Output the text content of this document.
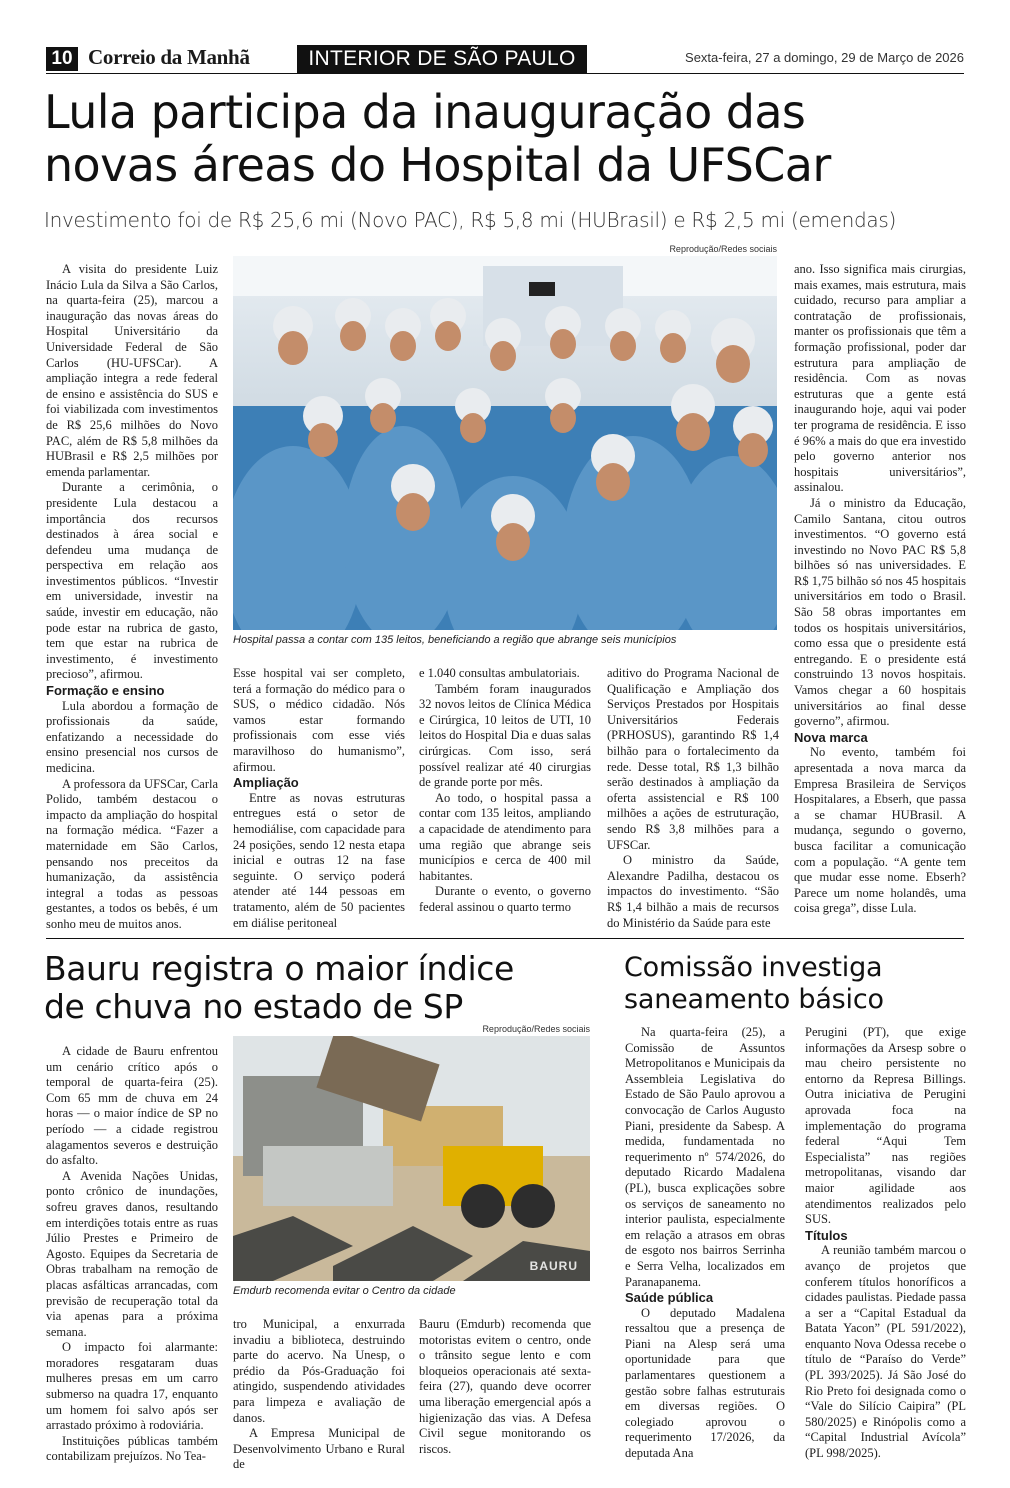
10 Correio da Manhã	INTERIOR DE SÃO PAULO	Sexta-feira, 27 a domingo, 29 de Março de 2026
Lula participa da inauguração das
novas áreas do Hospital da UFSCar
Investimento foi de R$ 25,6 mi (Novo PAC), R$ 5,8 mi (HUBrasil) e R$ 2,5 mi (emendas)

A visita do presidente Luiz Inácio Lula da Silva a São Carlos, na quarta-feira (25), marcou a inauguração das novas áreas do Hospital Universitário da Universidade Federal de São Carlos (HU-UFSCar). A ampliação integra a rede federal de ensino e assistência do SUS e foi viabilizada com investimentos de R$ 25,6 milhões do Novo PAC, além de R$ 5,8 milhões da HUBrasil e R$ 2,5 milhões por emenda parlamentar.

Durante a cerimônia, o presidente Lula destacou a importância dos recursos destinados à área social e defendeu uma mudança de perspectiva em relação aos investimentos públicos. “Investir em universidade, investir na saúde, investir em educação, não pode estar na rubrica de gasto, tem que estar na rubrica de investimento, é investimento precioso”, afirmou.

Formação e ensino

Lula abordou a formação de profissionais da saúde, enfatizando a necessidade do ensino presencial nos cursos de medicina.

A professora da UFSCar, Carla Polido, também destacou o impacto da ampliação do hospital na formação médica. “Fazer a maternidade em São Carlos, pensando nos preceitos da humanização, da assistência integral a todas as pessoas gestantes, a todos os bebês, é um sonho meu de muitos anos.

Reprodução/Redes sociais
Hospital passa a contar com 135 leitos, beneficiando a região que abrange seis municípios

Esse hospital vai ser completo, terá a formação do médico para o SUS, o médico cidadão. Nós vamos estar formando profissionais com esse viés maravilhoso do humanismo”, afirmou.

Ampliação

Entre as novas estruturas entregues está o setor de hemodiálise, com capacidade para 24 posições, sendo 12 nesta etapa inicial e outras 12 na fase seguinte. O serviço poderá atender até 144 pessoas em tratamento, além de 50 pacientes em diálise peritoneal

e 1.040 consultas ambulatoriais.

Também foram inaugurados 32 novos leitos de Clínica Médica e Cirúrgica, 10 leitos de UTI, 10 leitos do Hospital Dia e duas salas cirúrgicas. Com isso, será possível realizar até 40 cirurgias de grande porte por mês.

Ao todo, o hospital passa a contar com 135 leitos, ampliando a capacidade de atendimento para uma região que abrange seis municípios e cerca de 400 mil habitantes.

Durante o evento, o governo federal assinou o quarto termo

aditivo do Programa Nacional de Qualificação e Ampliação dos Serviços Prestados por Hospitais Universitários Federais (PRHOSUS), garantindo R$ 1,4 bilhão para o fortalecimento da rede. Desse total, R$ 1,3 bilhão serão destinados à ampliação da oferta assistencial e R$ 100 milhões a ações de estruturação, sendo R$ 3,8 milhões para a UFSCar.

O ministro da Saúde, Alexandre Padilha, destacou os impactos do investimento. “São R$ 1,4 bilhão a mais de recursos do Ministério da Saúde para este

ano. Isso significa mais cirurgias, mais exames, mais estrutura, mais cuidado, recurso para ampliar a contratação de profissionais, manter os profissionais que têm a formação profissional, poder dar estrutura para ampliação de residência. Com as novas estruturas que a gente está inaugurando hoje, aqui vai poder ter programa de residência. E isso é 96% a mais do que era investido pelo governo anterior nos hospitais universitários”, assinalou.

Já o ministro da Educação, Camilo Santana, citou outros investimentos. “O governo está investindo no Novo PAC R$ 5,8 bilhões só nas universidades. E R$ 1,75 bilhão só nos 45 hospitais universitários em todo o Brasil. São 58 obras importantes em todos os hospitais universitários, como essa que o presidente está entregando. E o presidente está construindo 13 novos hospitais. Vamos chegar a 60 hospitais universitários ao final desse governo”, afirmou.

Nova marca

No evento, também foi apresentada a nova marca da Empresa Brasileira de Serviços Hospitalares, a Ebserh, que passa a se chamar HUBrasil. A mudança, segundo o governo, busca facilitar a comunicação com a população. “A gente tem que mudar esse nome. Ebserh? Parece um nome holandês, uma coisa grega”, disse Lula.

Bauru registra o maior índice
de chuva no estado de SP
Reprodução/Redes sociais
BAURU
Emdurb recomenda evitar o Centro da cidade

A cidade de Bauru enfrentou um cenário crítico após o temporal de quarta-feira (25). Com 65 mm de chuva em 24 horas — o maior índice de SP no período — a cidade registrou alagamentos severos e destruição do asfalto.

A Avenida Nações Unidas, ponto crônico de inundações, sofreu graves danos, resultando em interdições totais entre as ruas Júlio Prestes e Primeiro de Agosto. Equipes da Secretaria de Obras trabalham na remoção de placas asfálticas arrancadas, com previsão de recuperação total da via apenas para a próxima semana.

O impacto foi alarmante: moradores resgataram duas mulheres presas em um carro submerso na quadra 17, enquanto um homem foi salvo após ser arrastado próximo à rodoviária.

Instituições públicas também contabilizam prejuízos. No Tea-

tro Municipal, a enxurrada invadiu a biblioteca, destruindo parte do acervo. Na Unesp, o prédio da Pós-Graduação foi atingido, suspendendo atividades para limpeza e avaliação de danos.

A Empresa Municipal de Desenvolvimento Urbano e Rural de

Bauru (Emdurb) recomenda que motoristas evitem o centro, onde o trânsito segue lento e com bloqueios operacionais até sexta-feira (27), quando deve ocorrer uma liberação emergencial após a higienização das vias. A Defesa Civil segue monitorando os riscos.

Comissão investiga
saneamento básico

Na quarta-feira (25), a Comissão de Assuntos Metropolitanos e Municipais da Assembleia Legislativa do Estado de São Paulo aprovou a convocação de Carlos Augusto Piani, presidente da Sabesp. A medida, fundamentada no requerimento nº 574/2026, do deputado Ricardo Madalena (PL), busca explicações sobre os serviços de saneamento no interior paulista, especialmente em relação a atrasos em obras de esgoto nos bairros Serrinha e Serra Velha, localizados em Paranapanema.

Saúde pública

O deputado Madalena ressaltou que a presença de Piani na Alesp será uma oportunidade para que parlamentares questionem a gestão sobre falhas estruturais em diversas regiões. O colegiado aprovou o requerimento 17/2026, da deputada Ana

Perugini (PT), que exige informações da Arsesp sobre o mau cheiro persistente no entorno da Represa Billings. Outra iniciativa de Perugini aprovada foca na implementação do programa federal “Aqui Tem Especialista” nas regiões metropolitanas, visando dar maior agilidade aos atendimentos realizados pelo SUS.

Títulos

A reunião também marcou o avanço de projetos que conferem títulos honoríficos a cidades paulistas. Piedade passa a ser a “Capital Estadual da Batata Yacon” (PL 591/2022), enquanto Nova Odessa recebe o título de “Paraíso do Verde” (PL 393/2025). Já São José do Rio Preto foi designada como o “Vale do Silício Caipira” (PL 580/2025) e Rinópolis como a “Capital Industrial Avícola” (PL 998/2025).
